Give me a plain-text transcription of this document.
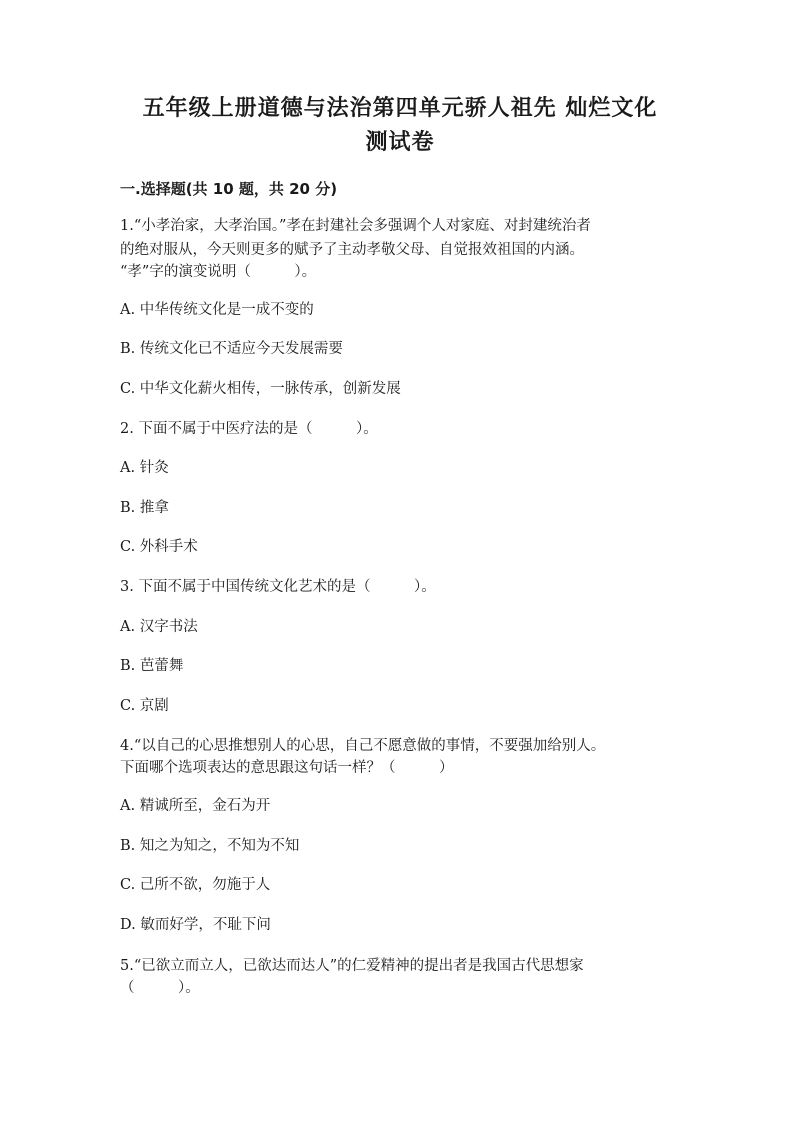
五年级上册道德与法治第四单元骄人祖先 灿烂文化
测试卷
一.选择题(共 10 题，共 20 分)

1.“小孝治家，大孝治国。”孝在封建社会多强调个人对家庭、对封建统治者

的绝对服从，今天则更多的赋予了主动孝敬父母、自觉报效祖国的内涵。

“孝”字的演变说明（　　　）。

A. 中华传统文化是一成不变的

B. 传统文化已不适应今天发展需要

C. 中华文化薪火相传，一脉传承，创新发展

2. 下面不属于中医疗法的是（　　　）。

A. 针灸

B. 推拿

C. 外科手术

3. 下面不属于中国传统文化艺术的是（　　　）。

A. 汉字书法

B. 芭蕾舞

C. 京剧

4.“以自己的心思推想别人的心思，自己不愿意做的事情，不要强加给别人。

下面哪个选项表达的意思跟这句话一样？（　　　）

A. 精诚所至，金石为开

B. 知之为知之，不知为不知

C. 己所不欲，勿施于人

D. 敏而好学，不耻下问

5.“已欲立而立人，已欲达而达人”的仁爱精神的提出者是我国古代思想家

（　　　）。
